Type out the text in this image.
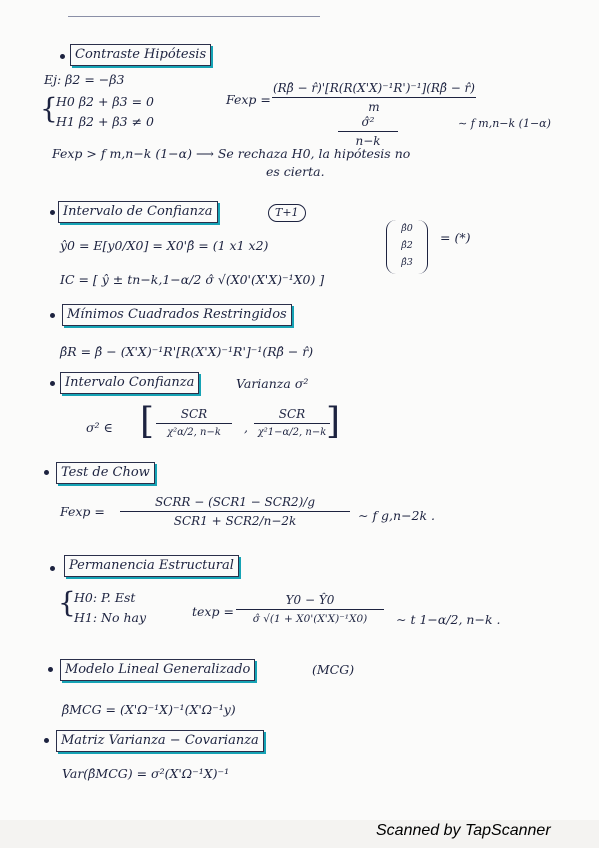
Contraste Hipótesis
Ej: β2 = −β3
{
H0 β2 + β3 = 0
H1 β2 + β3 ≠ 0
Fexp =
(Rβ̂ − r̂)'[R(R(X'X)⁻¹R')⁻¹](Rβ̂ − r̂)
m
σ̂²
n−k
∼ f m,n−k (1−α)
Fexp > f m,n−k (1−α) ⟶ Se rechaza H0, la hipótesis no
es cierta.
Intervalo de Confianza	T+1
ŷ0 = E[y0/X0] = X0'β̂ = (1 x1 x2)
β̂0
β̂2
β̂3
= (*)
IC = [ ŷ ± tn−k,1−α/2 σ̂ √(X0'(X'X)⁻¹X0) ]
Mínimos Cuadrados Restringidos
β̂R = β̂ − (X'X)⁻¹R'[R(X'X)⁻¹R']⁻¹(Rβ̂ − r̂)
Intervalo Confianza	Varianza σ²
σ² ∈ [	SCR
χ²α/2, n−k	,
SCR
χ²1−α/2, n−k ]
Test de Chow
Fexp =
SCRR − (SCR1 − SCR2)/g
SCR1 + SCR2/n−2k	∼ f g,n−2k .
Permanencia Estructural
{
H0: P. Est
H1: No hay	texp =
Y0 − Ŷ0
σ̂ √(1 + X0'(X'X)⁻¹X0)	∼ t 1−α/2, n−k .
Modelo Lineal Generalizado	(MCG)
β̂MCG = (X'Ω⁻¹X)⁻¹(X'Ω⁻¹y)
Matriz Varianza − Covarianza
Var(β̂MCG) = σ²(X'Ω⁻¹X)⁻¹
Scanned by TapScanner
